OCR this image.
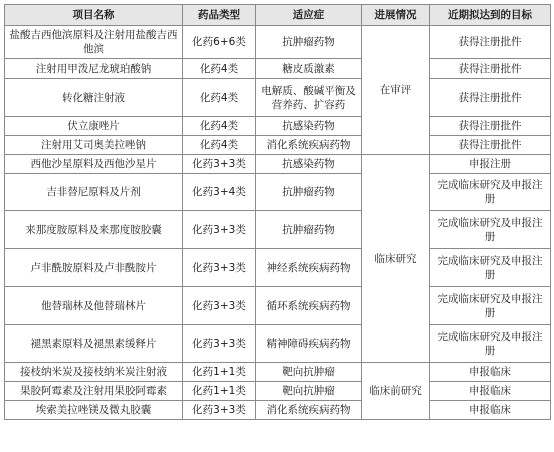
项目名称	药品类型	适应症	进展情况	近期拟达到的目标
盐酸吉西他滨原料及注射用盐酸吉西他滨	化药6+6类	抗肿瘤药物	在审评	获得注册批件
注射用甲泼尼龙琥珀酸钠	化药4类	糖皮质激素		获得注册批件
转化糖注射液	化药4类	电解质、酸碱平衡及营养药、扩容药		获得注册批件
伏立康唑片	化药4类	抗感染药物		获得注册批件
注射用艾司奥美拉唑钠	化药4类	消化系统疾病药物		获得注册批件
西他沙星原料及西他沙星片	化药3+3类	抗感染药物	临床研究	申报注册
吉非替尼原料及片剂	化药3+4类	抗肿瘤药物		完成临床研究及申报注册
来那度胺原料及来那度胺胶囊	化药3+3类	抗肿瘤药物		完成临床研究及申报注册
卢非酰胺原料及卢非酰胺片	化药3+3类	神经系统疾病药物		完成临床研究及申报注册
他替瑞林及他替瑞林片	化药3+3类	循环系统疾病药物		完成临床研究及申报注册
褪黑素原料及褪黑素缓释片	化药3+3类	精神障碍疾病药物		完成临床研究及申报注册
接枝纳米炭及接枝纳米炭注射液	化药1+1类	靶向抗肿瘤	临床前研究	申报临床
果胶阿霉素及注射用果胶阿霉素	化药1+1类	靶向抗肿瘤		申报临床
埃索美拉唑镁及微丸胶囊	化药3+3类	消化系统疾病药物		申报临床
